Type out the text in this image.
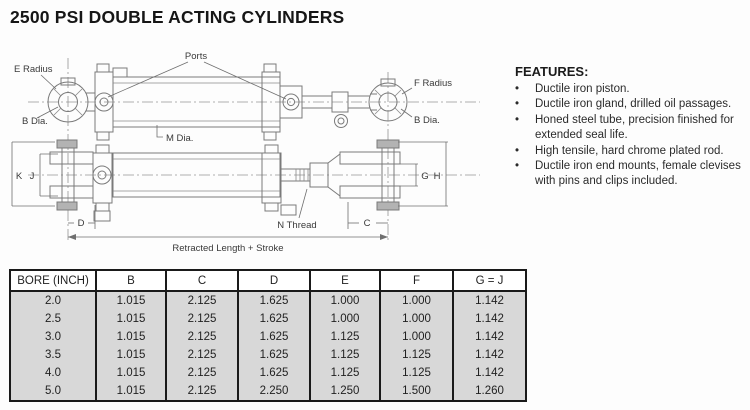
2500 PSI DOUBLE ACTING CYLINDERS
E Radius
Ports
B Dia.
F Radius
B Dia.
M Dia.
K J	G H
D	C
N Thread
Retracted Length + Stroke
FEATURES:
•	Ductile iron piston.
•	Ductile iron gland, drilled oil passages.
•	Honed steel tube, precision finished for extended seal life.
•	High tensile, hard chrome plated rod.
•	Ductile iron end mounts, female clevises with pins and clips included.
BORE (INCH)	B	C	D	E	F	G = J
2.0	1.015	2.125	1.625	1.000	1.000	1.142
2.5	1.015	2.125	1.625	1.000	1.000	1.142
3.0	1.015	2.125	1.625	1.125	1.000	1.142
3.5	1.015	2.125	1.625	1.125	1.125	1.142
4.0	1.015	2.125	1.625	1.125	1.125	1.142
5.0	1.015	2.125	2.250	1.250	1.500	1.260
